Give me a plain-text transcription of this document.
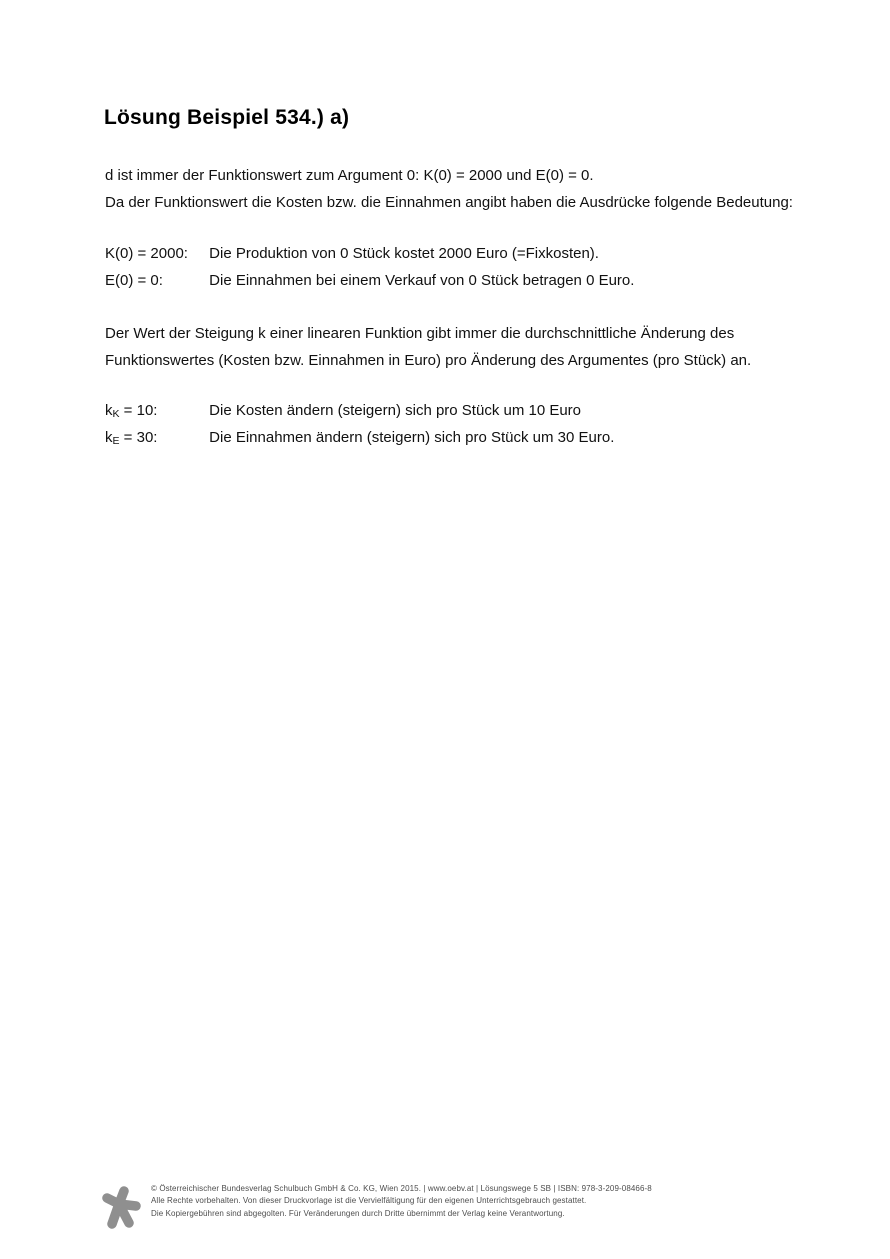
Lösung Beispiel 534.) a)
d ist immer der Funktionswert zum Argument 0: K(0) = 2000 und E(0) = 0.
Da der Funktionswert die Kosten bzw. die Einnahmen angibt haben die Ausdrücke folgende Bedeutung:
K(0) = 2000: Die Produktion von 0 Stück kostet 2000 Euro (=Fixkosten).
E(0) = 0:	Die Einnahmen bei einem Verkauf von 0 Stück betragen 0 Euro.
Der Wert der Steigung k einer linearen Funktion gibt immer die durchschnittliche Änderung des
Funktionswertes (Kosten bzw. Einnahmen in Euro) pro Änderung des Argumentes (pro Stück) an.
$k_K = 10$:	Die Kosten ändern (steigern) sich pro Stück um 10 Euro
$k_E = 30$:	Die Einnahmen ändern (steigern) sich pro Stück um 30 Euro.
© Österreichischer Bundesverlag Schulbuch GmbH & Co. KG, Wien 2015. | www.oebv.at | Lösungswege 5 SB | ISBN: 978-3-209-08466-8
Alle Rechte vorbehalten. Von dieser Druckvorlage ist die Vervielfältigung für den eigenen Unterrichtsgebrauch gestattet.
Die Kopiergebühren sind abgegolten. Für Veränderungen durch Dritte übernimmt der Verlag keine Verantwortung.
